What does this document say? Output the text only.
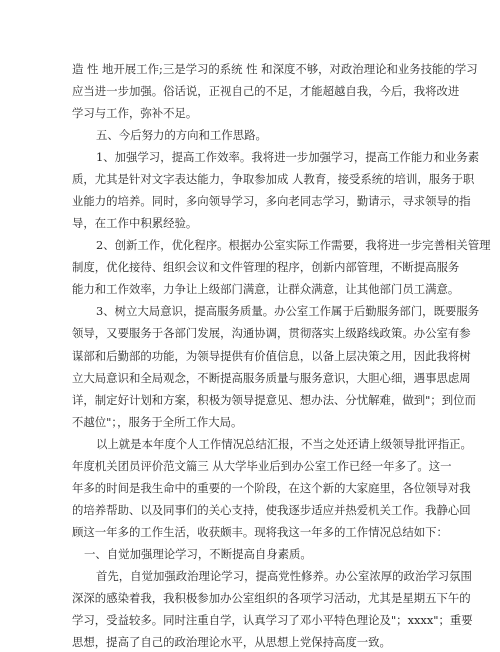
造 性 地开展工作;三是学习的系统 性 和深度不够，对政治理论和业务技能的学习
应当进一步加强。俗话说，正视自己的不足，才能超越自我，今后，我将改进
学习与工作，弥补不足。
五、今后努力的方向和工作思路。
1、加强学习，提高工作效率。我将进一步加强学习，提高工作能力和业务素
质，尤其是针对文字表达能力，争取参加成 人教育，接受系统的培训，服务于职
业能力的培养。同时，多向领导学习，多向老同志学习，勤请示，寻求领导的指
导，在工作中积累经验。
2、创新工作，优化程序。根据办公室实际工作需要，我将进一步完善相关管理
制度，优化接待、组织会议和文件管理的程序，创新内部管理，不断提高服务
能力和工作效率，力争让上级部门满意，让群众满意，让其他部门员工满意。
3、树立大局意识，提高服务质量。办公室工作属于后勤服务部门，既要服务
领导，又要服务于各部门发展，沟通协调，贯彻落实上级路线政策。办公室有参
谋部和后勤部的功能，为领导提供有价值信息，以备上层决策之用，因此我将树
立大局意识和全局观念，不断提高服务质量与服务意识，大胆心细，遇事思虑周
详，制定好计划和方案，积极为领导提意见、想办法、分忧解难，做到"；到位而
不越位"；，服务于全所工作大局。
以上就是本年度个人工作情况总结汇报，不当之处还请上级领导批评指正。
年度机关团员评价范文篇三 从大学毕业后到办公室工作已经一年多了。这一
年多的时间是我生命中的重要的一个阶段，在这个新的大家庭里，各位领导对我
的培养帮助、以及同事们的关心支持，使我逐步适应并热爱机关工作。我静心回
顾这一年多的工作生活，收获颇丰。现将我这一年多的工作情况总结如下：
一、自觉加强理论学习，不断提高自身素质。
首先，自觉加强政治理论学习，提高党性修养。办公室浓厚的政治学习氛围
深深的感染着我，我积极参加办公室组织的各项学习活动，尤其是星期五下午的
学习，受益较多。同时注重自学，认真学习了邓小平特色理论及"；xxxx"；重要
思想，提高了自己的政治理论水平，从思想上党保持高度一致。
